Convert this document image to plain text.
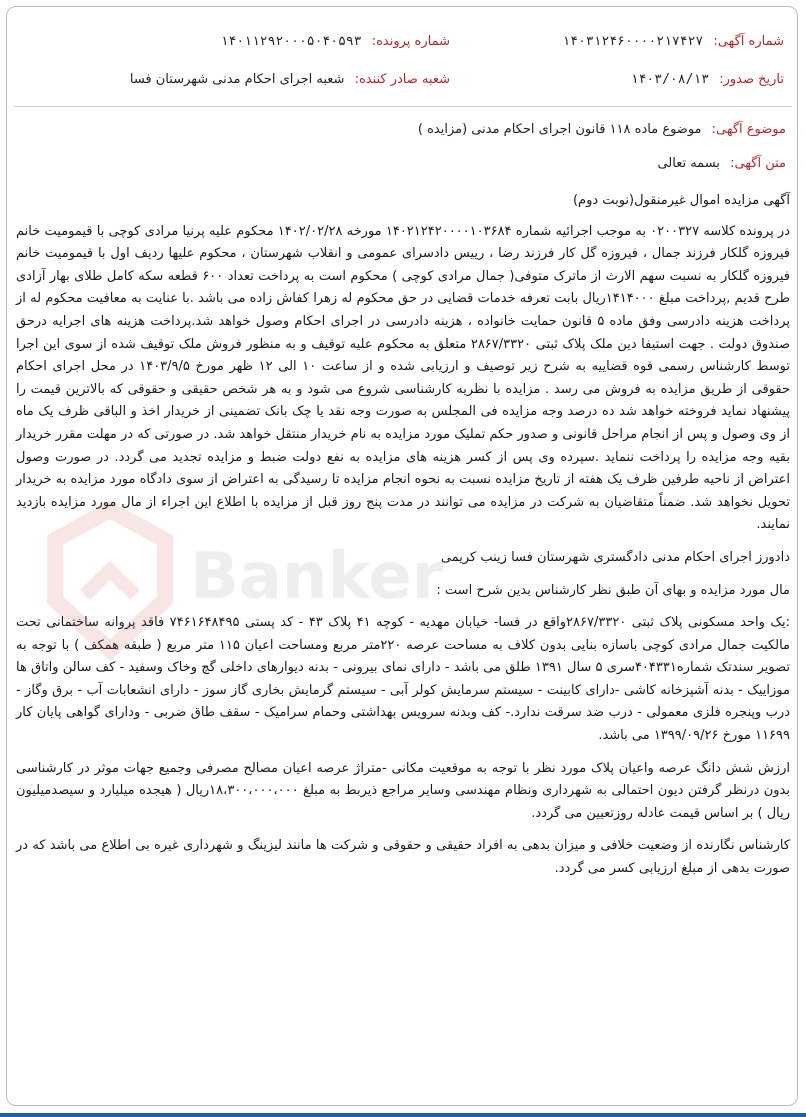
شماره آگهی: ۱۴۰۳۱۲۴۶۰۰۰۰۲۱۷۴۲۷
شماره پرونده: ۱۴۰۱۱۲۹۲۰۰۰۵۰۴۰۵۹۳
تاریخ صدور: ۱۴۰۳/۰۸/۱۳
شعبه صادر کننده: شعبه اجرای احکام مدنی شهرستان فسا
موضوع آگهی: موضوع ماده ۱۱۸ قانون اجرای احکام مدنی (مزایده )
متن آگهی: بسمه تعالی

آگهی مزایده اموال غیرمنقول(نوبت دوم)

در پرونده کلاسه ۰۲۰۰۳۲۷ به موجب اجرائیه شماره ۱۴۰۲۱۲۴۲۰۰۰۰۱۰۳۶۸۴ مورخه ۱۴۰۲/۰۲/۲۸ محکوم علیه پرنیا مرادی کوچی با قیمومیت خانم فیروزه گلکار فرزند جمال ، فیروزه گل کار فرزند رضا ، رییس دادسرای عمومی و انقلاب شهرستان ، محکوم علیها ردیف اول با قیمومیت خانم فیروزه گلکار به نسبت سهم الارث از ماترک متوفی( جمال مرادی کوچی ) محکوم است به پرداخت تعداد ۶۰۰ قطعه سکه کامل طلای بهار آزادی طرح قدیم ,پرداخت مبلغ ۱۴۱۴۰۰۰ریال بابت تعرفه خدمات قضایی در حق محکوم له زهرا کفاش زاده می باشد .با عنایت به معافیت محکوم له از پرداخت هزینه دادرسی وفق ماده ۵ قانون حمایت خانواده ، هزینه دادرسی در اجرای احکام وصول خواهد شد.پرداخت هزینه های اجرایه درحق صندوق دولت . جهت استیفا دین ملک پلاک ثبتی ۲۸۶۷/۳۳۲۰ متعلق به محکوم علیه توقیف و به منظور فروش ملک توقیف شده از سوی این اجرا توسط کارشناس رسمی قوه قضاییه به شرح زیر توصیف و ارزیابی شده و از ساعت ۱۰ الی ۱۲ ظهر مورخ ۱۴۰۳/۹/۵ در محل اجرای احکام حقوقی از طریق مزایده به فروش می رسد . مزایده با نظریه کارشناسی شروع می شود و به هر شخص حقیقی و حقوقی که بالاترین قیمت را پیشنهاد نماید فروخته خواهد شد ده درصد وجه مزایده فی المجلس به صورت وجه نقد یا چک بانک تضمینی از خریدار اخذ و الباقی ظرف یک ماه از وی وصول و پس از انجام مراحل قانونی و صدور حکم تملیک مورد مزایده به نام خریدار منتقل خواهد شد. در صورتی که در مهلت مقرر خریدار بقیه وجه مزایده را پرداخت ننماید .سپرده وی پس از کسر هزینه های مزایده به نفع دولت ضبط و مزایده تجدید می گردد. در صورت وصول اعتراض از ناحیه طرفین ظرف یک هفته از تاریخ مزایده نسبت به نحوه انجام مزایده تا رسیدگی به اعتراض از سوی دادگاه مورد مزایده به خریدار تحویل نخواهد شد. ضمناً متقاضیان به شرکت در مزایده می توانند در مدت پنج روز قبل از مزایده با اطلاع این اجراء از مال مورد مزایده بازدید نمایند.

دادورز اجرای احکام مدنی دادگستری شهرستان فسا زینب کریمی

مال مورد مزایده و بهای آن طبق نظر کارشناس بدین شرح است :

:یک واحد مسکونی پلاک ثبتی ۲۸۶۷/۳۳۲۰واقع در فسا- خیابان مهدیه - کوچه ۴۱ پلاک ۴۳ - کد پستی ۷۴۶۱۶۴۸۴۹۵ فاقد پروانه ساختمانی تحت مالکیت جمال مرادی کوچی باسازه بنایی بدون کلاف به مساحت عرصه ۲۲۰متر مربع ومساحت اعیان ۱۱۵ متر مربع ( طبقه همکف ) با توجه به تصویر سندتک شماره۴۰۴۳۳۱سری ۵ سال ۱۳۹۱ طلق می باشد - دارای نمای بیرونی - بدنه دیوارهای داخلی گچ وخاک وسفید - کف سالن واتاق ها موزاییک - بدنه آشپزخانه کاشی -دارای کابینت - سیستم سرمایش کولر آبی - سیستم گرمایش بخاری گاز سوز - دارای انشعابات آب - برق وگاز - درب وپنجره فلزی معمولی - درب ضد سرقت ندارد.- کف وبدنه سرویس بهداشتی وحمام سرامیک - سقف طاق ضربی - ودارای گواهی پایان کار ۱۱۶۹۹ مورخ ۱۳۹۹/۰۹/۲۶ می باشد.

ارزش شش دانگ عرصه واعیان پلاک مورد نظر با توجه به موقعیت مکانی -متراژ عرصه اعیان مصالح مصرفی وجمیع جهات موثر در کارشناسی بدون درنظر گرفتن دیون احتمالی به شهرداری ونظام مهندسی وسایر مراجع ذیربط به مبلغ ۱۸،۳۰۰،۰۰۰،۰۰۰ریال ( هیجده میلیارد و سیصدمیلیون ریال ) بر اساس قیمت عادله روزتعیین می گردد.

کارشناس نگارنده از وضعیت خلافی و میزان بدهی به افراد حقیقی و حقوقی و شرکت ها مانند لیزینگ و شهرداری غیره بی اطلاع می باشد که در صورت بدهی از مبلغ ارزیابی کسر می گردد.

Banker
